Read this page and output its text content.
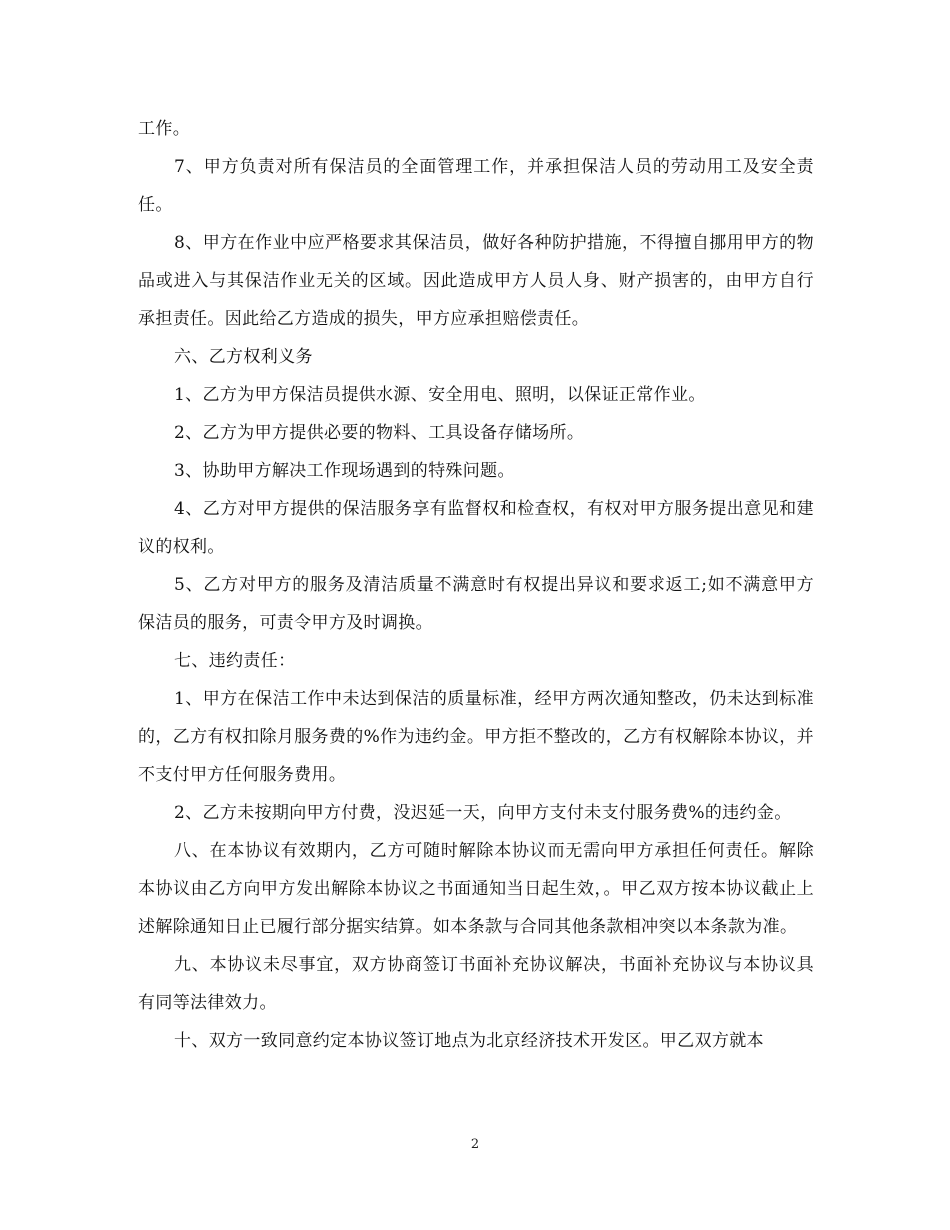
工作。

7、甲方负责对所有保洁员的全面管理工作，并承担保洁人员的劳动用工及安全责任。

8、甲方在作业中应严格要求其保洁员，做好各种防护措施，不得擅自挪用甲方的物品或进入与其保洁作业无关的区域。因此造成甲方人员人身、财产损害的，由甲方自行承担责任。因此给乙方造成的损失，甲方应承担赔偿责任。

六、乙方权利义务

1、乙方为甲方保洁员提供水源、安全用电、照明，以保证正常作业。

2、乙方为甲方提供必要的物料、工具设备存储场所。

3、协助甲方解决工作现场遇到的特殊问题。

4、乙方对甲方提供的保洁服务享有监督权和检查权，有权对甲方服务提出意见和建议的权利。

5、乙方对甲方的服务及清洁质量不满意时有权提出异议和要求返工;如不满意甲方保洁员的服务，可责令甲方及时调换。

七、违约责任：

1、甲方在保洁工作中未达到保洁的质量标准，经甲方两次通知整改，仍未达到标准的，乙方有权扣除月服务费的%作为违约金。甲方拒不整改的，乙方有权解除本协议，并不支付甲方任何服务费用。

2、乙方未按期向甲方付费，没迟延一天，向甲方支付未支付服务费%的违约金。

八、在本协议有效期内，乙方可随时解除本协议而无需向甲方承担任何责任。解除本协议由乙方向甲方发出解除本协议之书面通知当日起生效，。甲乙双方按本协议截止上述解除通知日止已履行部分据实结算。如本条款与合同其他条款相冲突以本条款为准。

九、本协议未尽事宜，双方协商签订书面补充协议解决，书面补充协议与本协议具有同等法律效力。

十、双方一致同意约定本协议签订地点为北京经济技术开发区。甲乙双方就本

2
